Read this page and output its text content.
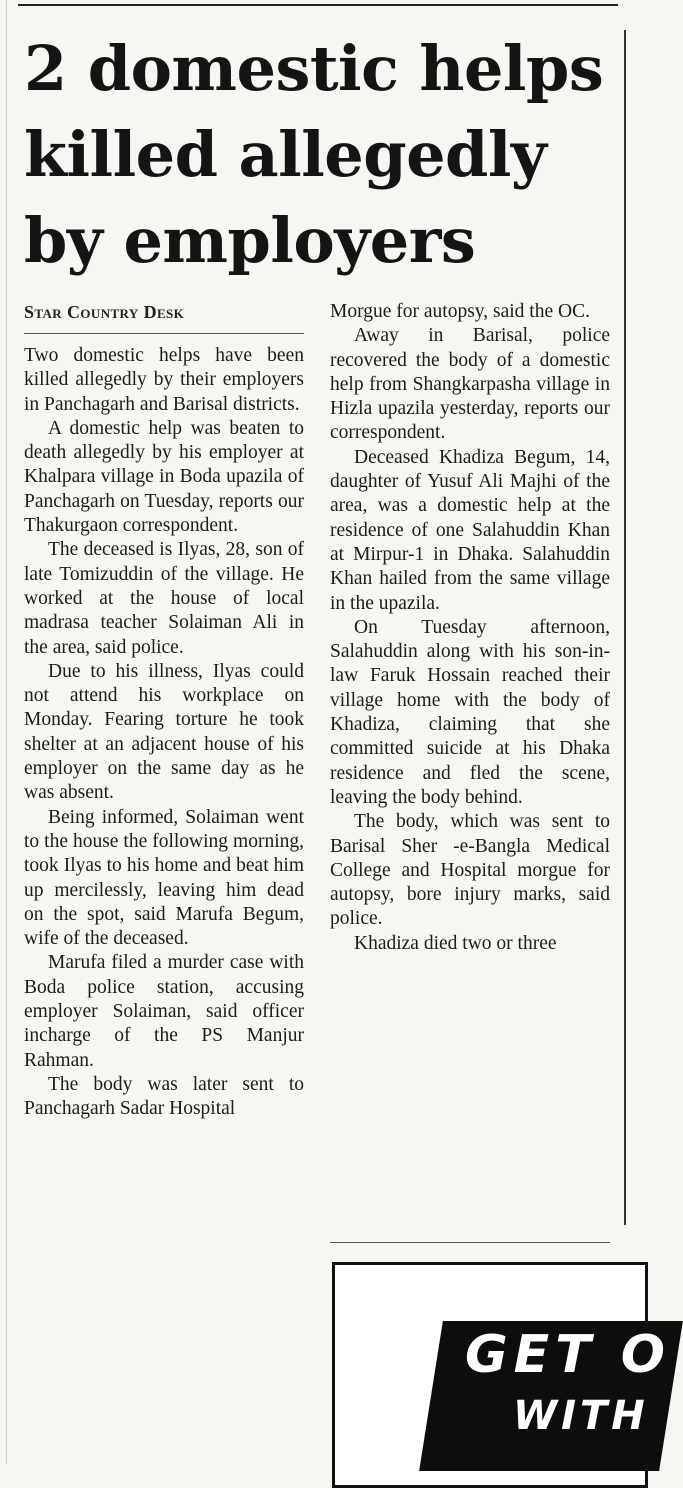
2 domestic helps killed allegedly by employers
Star Country Desk

Two domestic helps have been killed allegedly by their employers in Panchagarh and Barisal districts.

A domestic help was beaten to death allegedly by his employer at Khalpara village in Boda upazila of Panchagarh on Tuesday, reports our Thakurgaon correspondent.

The deceased is Ilyas, 28, son of late Tomizuddin of the village. He worked at the house of local madrasa teacher Solaiman Ali in the area, said police.

Due to his illness, Ilyas could not attend his workplace on Monday. Fearing torture he took shelter at an adjacent house of his employer on the same day as he was absent.

Being informed, Solaiman went to the house the following morning, took Ilyas to his home and beat him up mercilessly, leaving him dead on the spot, said Marufa Begum, wife of the deceased.

Marufa filed a murder case with Boda police station, accusing employer Solaiman, said officer incharge of the PS Manjur Rahman.

The body was later sent to Panchagarh Sadar Hospital

Morgue for autopsy, said the OC.

Away in Barisal, police recovered the body of a domestic help from Shangkarpasha village in Hizla upazila yesterday, reports our correspondent.

Deceased Khadiza Begum, 14, daughter of Yusuf Ali Majhi of the area, was a domestic help at the residence of one Salahuddin Khan at Mirpur-1 in Dhaka. Salahuddin Khan hailed from the same village in the upazila.

On Tuesday afternoon, Salahuddin along with his son-in-law Faruk Hossain reached their village home with the body of Khadiza, claiming that she committed suicide at his Dhaka residence and fled the scene, leaving the body behind.

The body, which was sent to Barisal Sher -e-Bangla Medical College and Hospital morgue for autopsy, bore injury marks, said police.

Khadiza died two or three

GET O
WITH
